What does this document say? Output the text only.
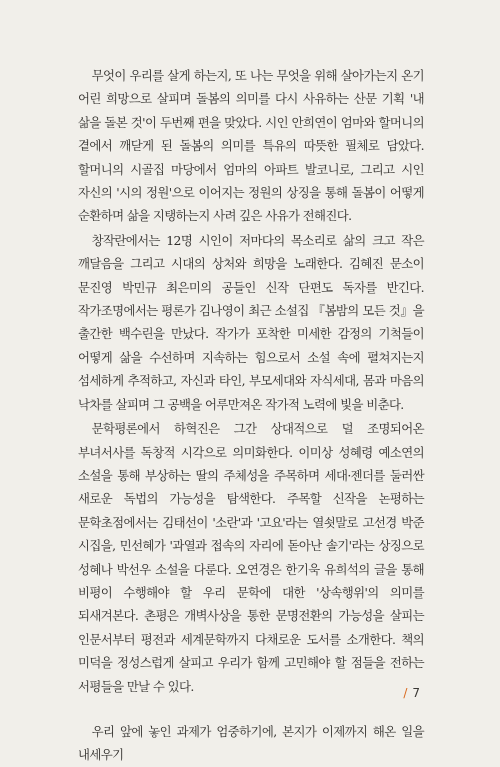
무엇이 우리를 살게 하는지, 또 나는 무엇을 위해 살아가는지 온기 어린 희망으로 살피며 돌봄의 의미를 다시 사유하는 산문 기획 '내 삶을 돌본 것'이 두번째 편을 맞았다. 시인 안희연이 엄마와 할머니의 곁에서 깨닫게 된 돌봄의 의미를 특유의 따뜻한 필체로 담았다. 할머니의 시골집 마당에서 엄마의 아파트 발코니로, 그리고 시인 자신의 '시의 정원'으로 이어지는 정원의 상징을 통해 돌봄이 어떻게 순환하며 삶을 지탱하는지 사려 깊은 사유가 전해진다.

창작란에서는 12명 시인이 저마다의 목소리로 삶의 크고 작은 깨달음을 그리고 시대의 상처와 희망을 노래한다. 김혜진 문소이 문진영 박민규 최은미의 공들인 신작 단편도 독자를 반긴다. 작가조명에서는 평론가 김나영이 최근 소설집 『봄밤의 모든 것』을 출간한 백수린을 만났다. 작가가 포착한 미세한 감정의 기척들이 어떻게 삶을 수선하며 지속하는 힘으로서 소설 속에 펼쳐지는지 섬세하게 추적하고, 자신과 타인, 부모세대와 자식세대, 몸과 마음의 낙차를 살피며 그 공백을 어루만져온 작가적 노력에 빛을 비춘다.

문학평론에서 하혁진은 그간 상대적으로 덜 조명되어온 부녀서사를 독창적 시각으로 의미화한다. 이미상 성혜령 예소연의 소설을 통해 부상하는 딸의 주체성을 주목하며 세대·젠더를 둘러싼 새로운 독법의 가능성을 탐색한다. 주목할 신작을 논평하는 문학초점에서는 김태선이 '소란'과 '고요'라는 열쇳말로 고선경 박준 시집을, 민선혜가 '과열과 접속의 자리에 돋아난 솔기'라는 상징으로 성혜나 박선우 소설을 다룬다. 오연경은 한기욱 유희석의 글을 통해 비평이 수행해야 할 우리 문학에 대한 '상속행위'의 의미를 되새겨본다. 촌평은 개벽사상을 통한 문명전환의 가능성을 살피는 인문서부터 평전과 세계문학까지 다채로운 도서를 소개한다. 책의 미덕을 정성스럽게 살피고 우리가 함께 고민해야 할 점들을 전하는 서평들을 만날 수 있다.

우리 앞에 놓인 과제가 엄중하기에, 본지가 이제까지 해온 일을 내세우기

/ 7
